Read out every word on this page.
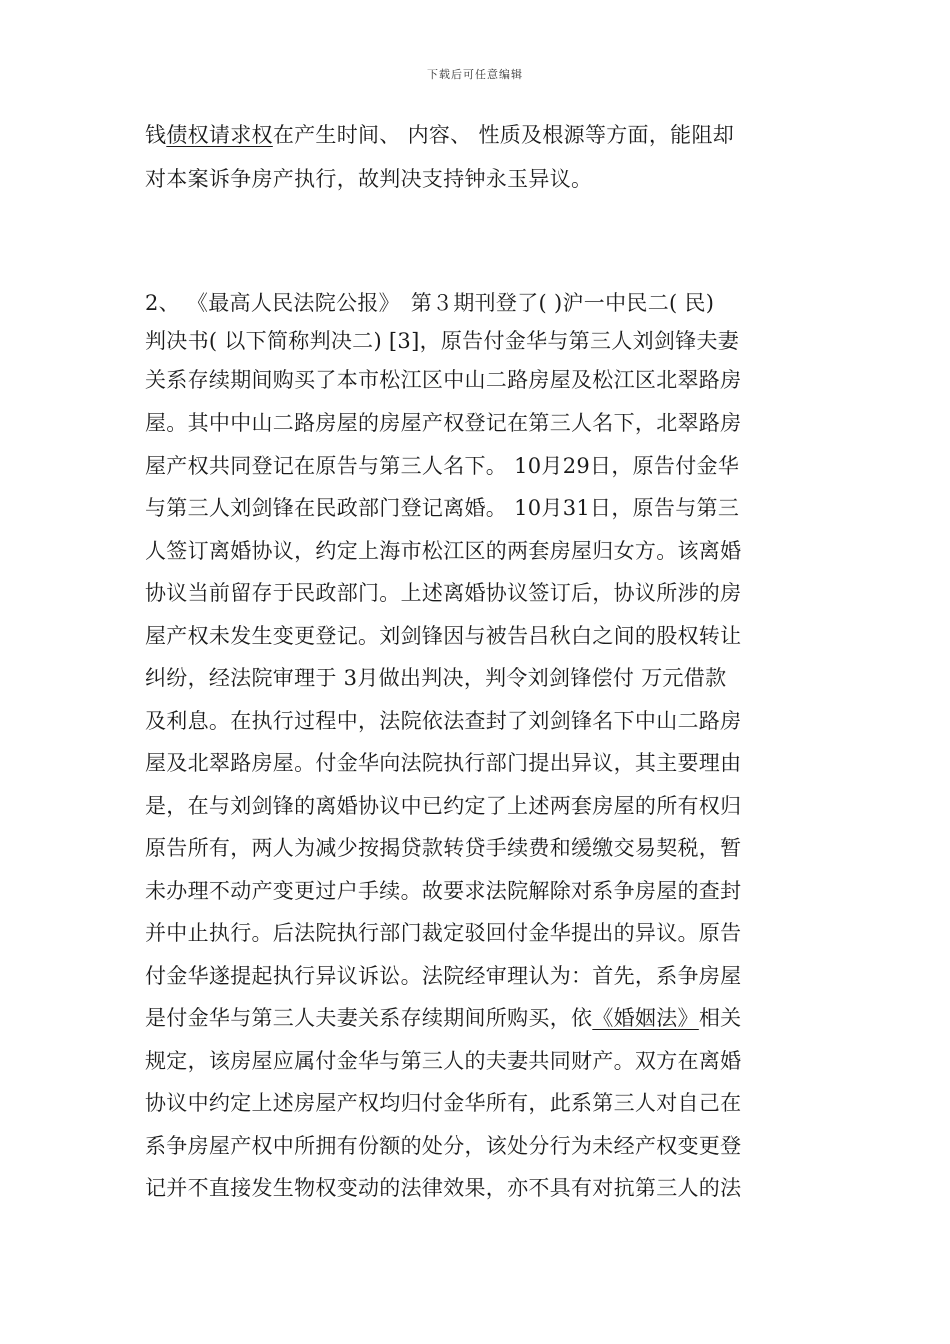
下载后可任意编辑
钱债权请求权在产生时间、 内容、 性质及根源等方面，能阻却
对本案诉争房产执行，故判决支持钟永玉异议。
2、 《最高人民法院公报》　第３期刊登了( )沪一中民二( 民)
判决书( 以下简称判决二) [3]，原告付金华与第三人刘剑锋夫妻
关系存续期间购买了本市松江区中山二路房屋及松江区北翠路房
屋。其中中山二路房屋的房屋产权登记在第三人名下，北翠路房
屋产权共同登记在原告与第三人名下。 10月29日，原告付金华
与第三人刘剑锋在民政部门登记离婚。 10月31日，原告与第三
人签订离婚协议，约定上海市松江区的两套房屋归女方。该离婚
协议当前留存于民政部门。上述离婚协议签订后，协议所涉的房
屋产权未发生变更登记。刘剑锋因与被告吕秋白之间的股权转让
纠纷，经法院审理于 3月做出判决，判令刘剑锋偿付 万元借款
及利息。在执行过程中，法院依法查封了刘剑锋名下中山二路房
屋及北翠路房屋。付金华向法院执行部门提出异议，其主要理由
是，在与刘剑锋的离婚协议中已约定了上述两套房屋的所有权归
原告所有，两人为减少按揭贷款转贷手续费和缓缴交易契税，暂
未办理不动产变更过户手续。故要求法院解除对系争房屋的查封
并中止执行。后法院执行部门裁定驳回付金华提出的异议。原告
付金华遂提起执行异议诉讼。法院经审理认为：首先，系争房屋
是付金华与第三人夫妻关系存续期间所购买，依《婚姻法》相关
规定，该房屋应属付金华与第三人的夫妻共同财产。双方在离婚
协议中约定上述房屋产权均归付金华所有，此系第三人对自己在
系争房屋产权中所拥有份额的处分，该处分行为未经产权变更登
记并不直接发生物权变动的法律效果，亦不具有对抗第三人的法
